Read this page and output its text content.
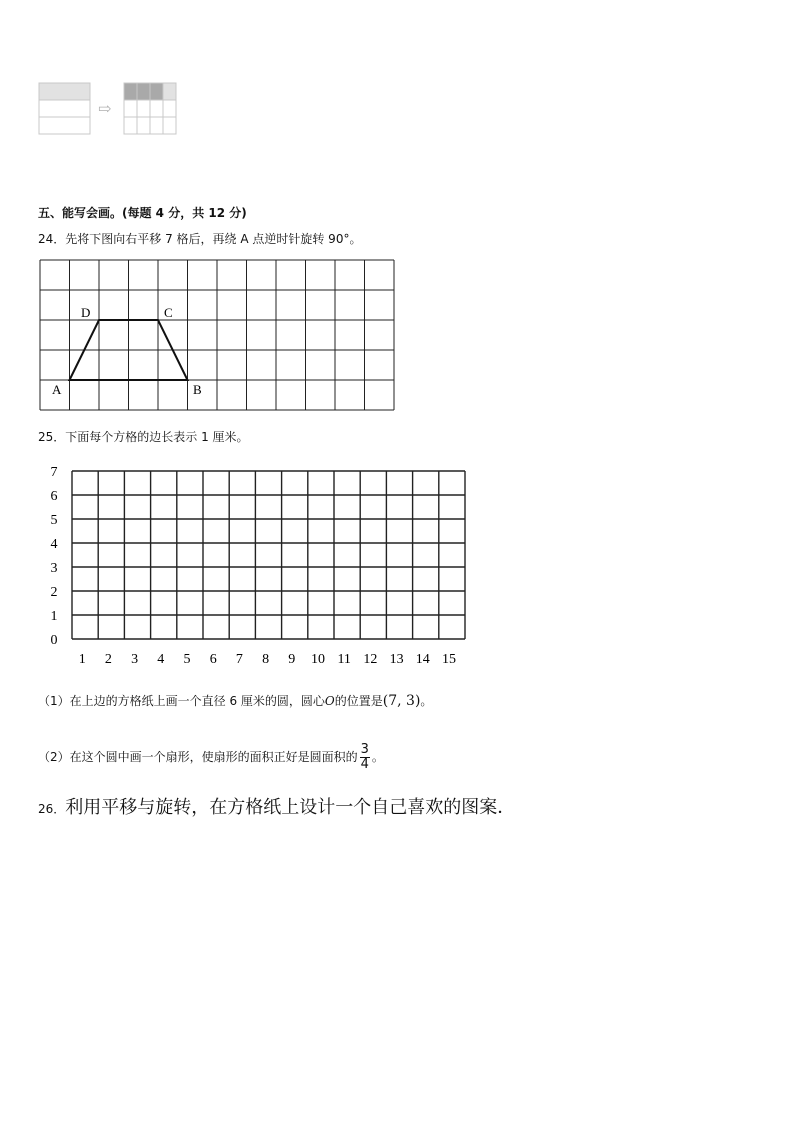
⇨
五、能写会画。(每题 4 分，共 12 分)
24．先将下图向右平移 7 格后，再绕 A 点逆时针旋转 90°。
A	B
C
D
25．下面每个方格的边长表示 1 厘米。
1 2 3 4 5 6 7 8 9 10 11 12 13 14 15
0
1
2
3
4
5
6
7
（1）在上边的方格纸上画一个直径 6 厘米的圆，圆心O的位置是(7, 3)。
（2）在这个圆中画一个扇形，使扇形的面积正好是圆面积的 $\frac{3}{4}$ 。
26．利用平移与旋转，在方格纸上设计一个自己喜欢的图案．
